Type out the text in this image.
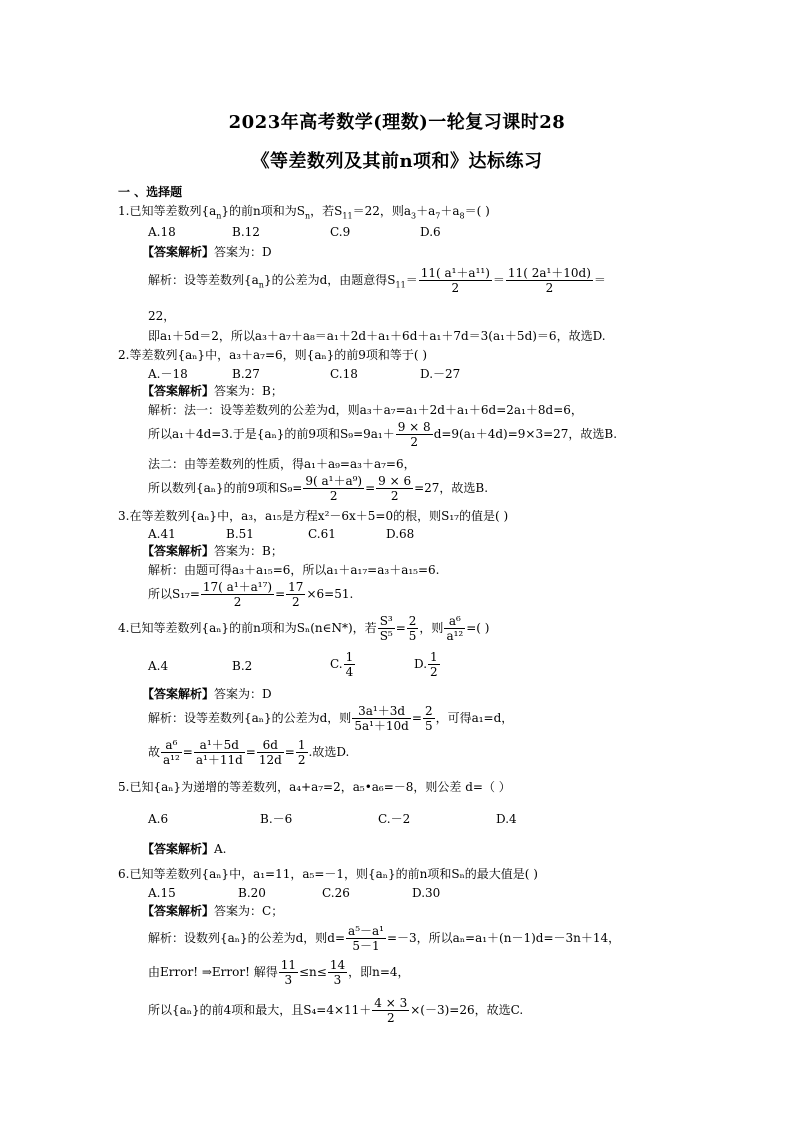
2023年高考数学(理数)一轮复习课时28
《等差数列及其前n项和》达标练习
一 、选择题
1.已知等差数列$\{a_n\}$的前n项和为$S_n$，若$S_{11}=22$，则$a_3+a_7+a_8=$( )
A.18	B.12	C.9	D.6
【答案解析】答案为：D
解析：设等差数列$\{a_n\}$的公差为d，由题意得$S_{11}= \frac{\text{11( a¹＋a¹¹)}}{2} = \frac{\text{11( 2a¹＋10d)}}{2}$ ＝
22，
即a₁＋5d＝2，所以a₃＋a₇＋a₈＝a₁＋2d＋a₁＋6d＋a₁＋7d＝3(a₁＋5d)＝6，故选D.
2.等差数列{aₙ}中，a₃＋a₇=6，则{aₙ}的前9项和等于( )
A.－18	B.27	C.18	D.－27
【答案解析】答案为：B；
解析：法一：设等差数列的公差为d，则a₃＋a₇=a₁＋2d＋a₁＋6d=2a₁＋8d=6，
所以a₁＋4d=3.于是{aₙ}的前9项和$S_9=9a_1+ \frac{9 \times 8}{2} d=9(a_1+4d)=9\times 3=27$，故选B.
法二：由等差数列的性质，得a₁＋a₉=a₃＋a₇=6，
所以数列{aₙ}的前9项和$S_9= \frac{\text{9( a¹＋a⁹)}}{2} = \frac{9 \times 6}{2} =27$，故选B.
3.在等差数列{aₙ}中，a₃，a₁₅是方程x²－6x＋5=0的根，则S₁₇的值是( )
A.41	B.51	C.61	D.68
【答案解析】答案为：B；
解析：由题可得a₃＋a₁₅=6，所以a₁＋a₁₇=a₃＋a₁₅=6.
所以$S_{17}= \frac{\text{17( a¹＋a¹⁷)}}{2} = \frac{17}{2} \times 6=51$.
4.已知等差数列{aₙ}的前n项和为Sₙ(n∈N*)，若 $\frac{\text{S³}}{\text{S⁵}} = \frac{2}{5}$ ，则 $\frac{\text{a⁶}}{\text{a¹²}}$ =( )
A.4	B.2	C. $\frac{1}{4}$	D. $\frac{1}{2}$
【答案解析】答案为：D
解析：设等差数列{aₙ}的公差为d，则 $\frac{\text{3a¹＋3d}}{\text{5a¹＋10d}} = \frac{2}{5}$ ，可得a₁=d，
故 $\frac{\text{a⁶}}{\text{a¹²}} = \frac{\text{a¹＋5d}}{\text{a¹＋11d}} = \frac{6d}{12d} = \frac{1}{2}$ .故选D.
5.已知{aₙ}为递增的等差数列，a₄+a₇=2，a₅•a₆=－8，则公差 d=（ ）
A.6	B.－6	C.－2	D.4
【答案解析】A.
6.已知等差数列{aₙ}中，a₁=11，a₅=－1，则{aₙ}的前n项和Sₙ的最大值是( )
A.15	B.20	C.26	D.30
【答案解析】答案为：C；
解析：设数列{aₙ}的公差为d，则$d= \frac{\text{a⁵－a¹}}{5-1} =-3$，所以aₙ=a₁＋(n－1)d=－3n＋14，
由Error! ⇒Error! 解得 $\frac{11}{3} \le n\le \frac{14}{3}$ ，即n=4，
所以{aₙ}的前4项和最大，且$S_4=4\times 11+ \frac{4 \times 3}{2} \times(-3)=26$，故选C.
